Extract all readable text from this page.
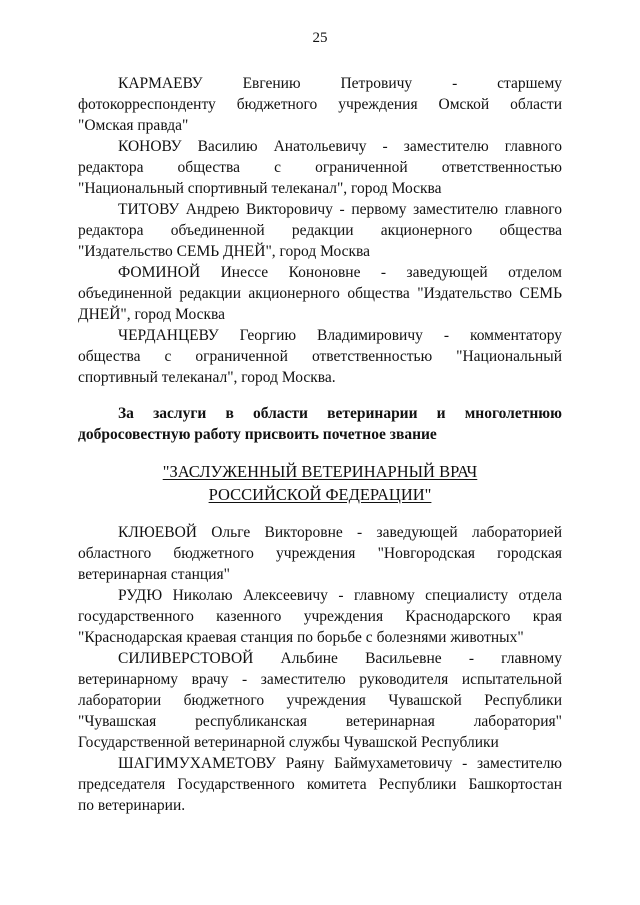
25
КАРМАЕВУ Евгению Петровичу - старшему
фотокорреспонденту бюджетного учреждения Омской области
"Омская правда"
КОНОВУ Василию Анатольевичу - заместителю главного
редактора общества с ограниченной ответственностью
"Национальный спортивный телеканал", город Москва
ТИТОВУ Андрею Викторовичу - первому заместителю главного
редактора объединенной редакции акционерного общества
"Издательство СЕМЬ ДНЕЙ", город Москва
ФОМИНОЙ Инессе Кононовне - заведующей отделом
объединенной редакции акционерного общества "Издательство СЕМЬ
ДНЕЙ", город Москва
ЧЕРДАНЦЕВУ Георгию Владимировичу - комментатору
общества с ограниченной ответственностью "Национальный
спортивный телеканал", город Москва.
За заслуги в области ветеринарии и многолетнюю
добросовестную работу присвоить почетное звание
"ЗАСЛУЖЕННЫЙ ВЕТЕРИНАРНЫЙ ВРАЧ
РОССИЙСКОЙ ФЕДЕРАЦИИ"
КЛЮЕВОЙ Ольге Викторовне - заведующей лабораторией
областного бюджетного учреждения "Новгородская городская
ветеринарная станция"
РУДЮ Николаю Алексеевичу - главному специалисту отдела
государственного казенного учреждения Краснодарского края
"Краснодарская краевая станция по борьбе с болезнями животных"
СИЛИВЕРСТОВОЙ Альбине Васильевне - главному
ветеринарному врачу - заместителю руководителя испытательной
лаборатории бюджетного учреждения Чувашской Республики
"Чувашская республиканская ветеринарная лаборатория"
Государственной ветеринарной службы Чувашской Республики
ШАГИМУХАМЕТОВУ Раяну Баймухаметовичу - заместителю
председателя Государственного комитета Республики Башкортостан
по ветеринарии.
